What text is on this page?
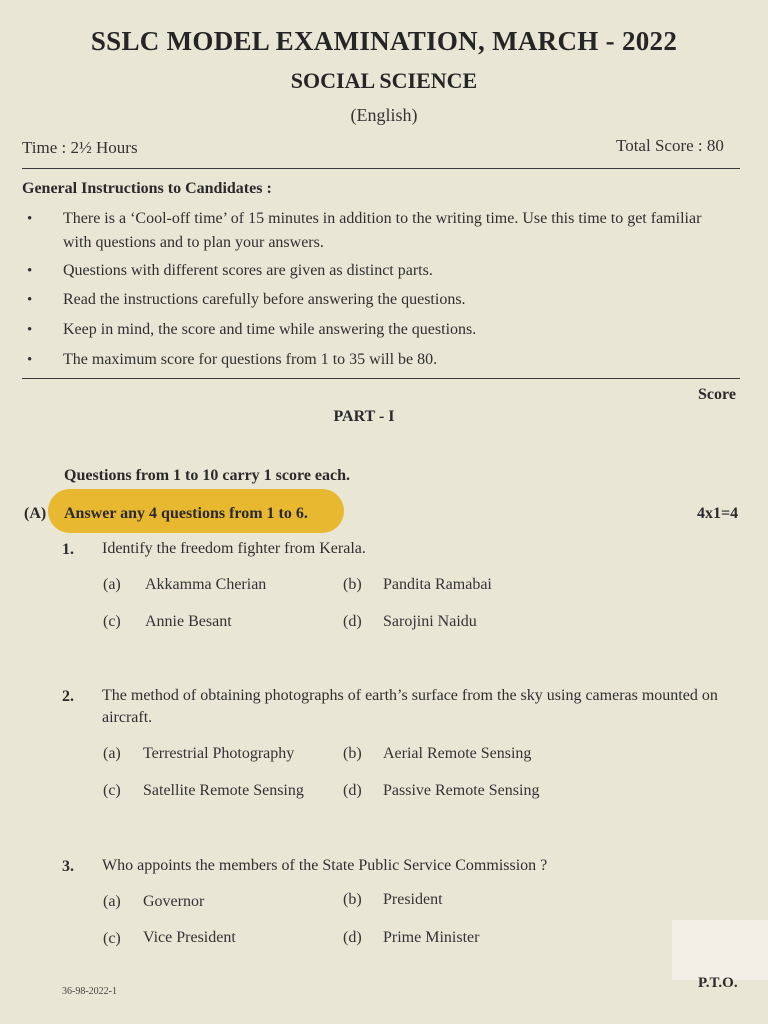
SSLC MODEL EXAMINATION, MARCH - 2022
SOCIAL SCIENCE
(English)
Time : 2½ Hours	Total Score : 80
General Instructions to Candidates :
• There is a ‘Cool-off time’ of 15 minutes in addition to the writing time. Use this time to get familiar with questions and to plan your answers.
• Questions with different scores are given as distinct parts.
• Read the instructions carefully before answering the questions.
• Keep in mind, the score and time while answering the questions.
• The maximum score for questions from 1 to 35 will be 80.
Score
PART - I
Questions from 1 to 10 carry 1 score each.
(A) Answer any 4 questions from 1 to 6.	4x1=4
1. Identify the freedom fighter from Kerala.
(a) Akkamma Cherian	(b) Pandita Ramabai
(c) Annie Besant	(d) Sarojini Naidu
2. The method of obtaining photographs of earth’s surface from the sky using cameras mounted on aircraft.
(a) Terrestrial Photography	(b) Aerial Remote Sensing
(c) Satellite Remote Sensing (d) Passive Remote Sensing
3. Who appoints the members of the State Public Service Commission ?
(a) Governor	(b) President
(c) Vice President	(d) Prime Minister
36-98-2022-1
P.T.O.
